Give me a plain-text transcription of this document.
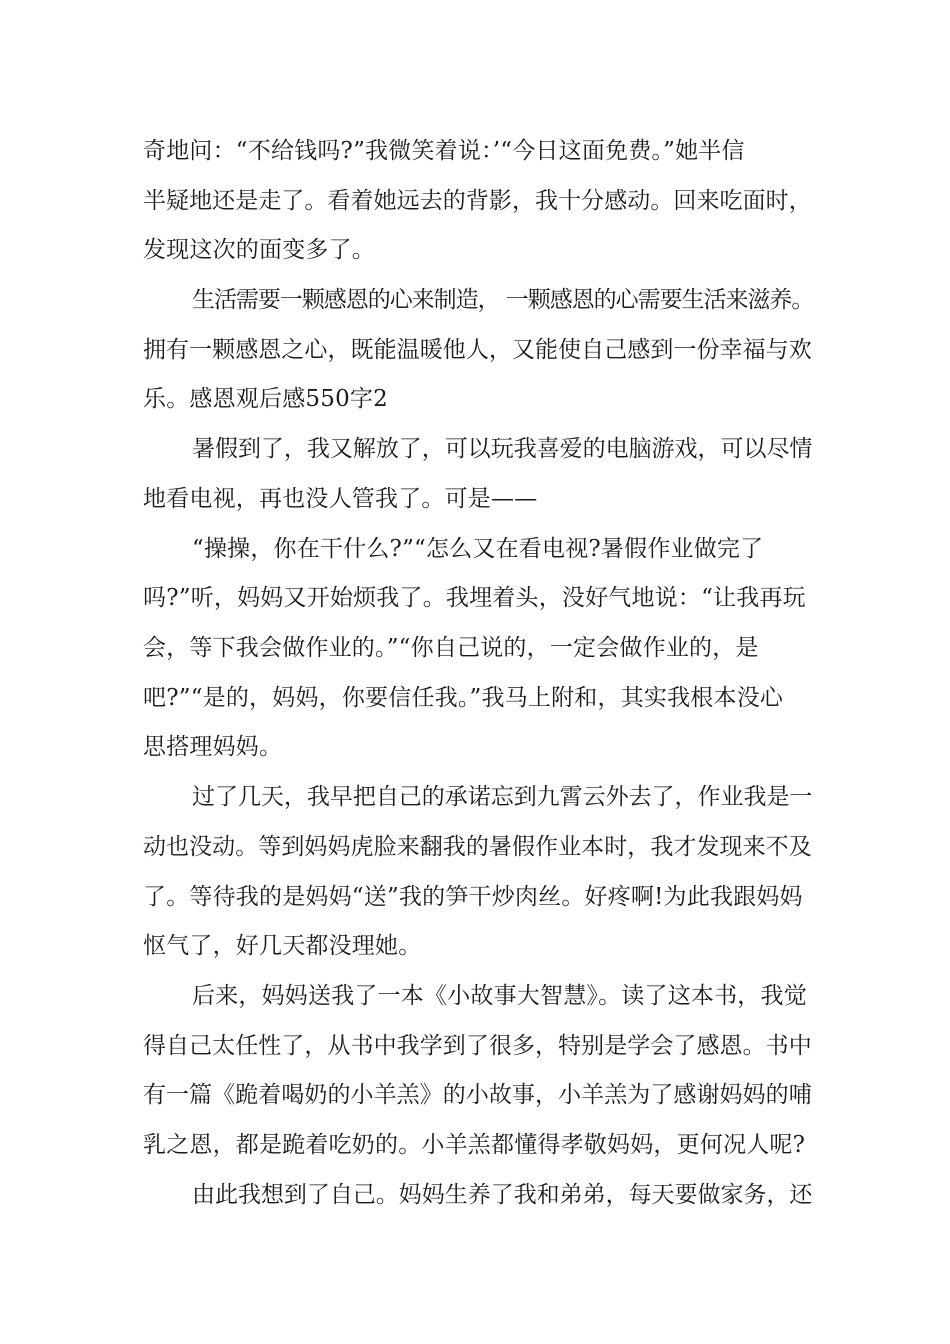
奇地问：“不给钱吗?”我微笑着说：’“今日这面免费。”她半信
半疑地还是走了。看着她远去的背影，我十分感动。回来吃面时，
发现这次的面变多了。
生活需要一颗感恩的心来制造， 一颗感恩的心需要生活来滋养。
拥有一颗感恩之心，既能温暖他人，又能使自己感到一份幸福与欢
乐。感恩观后感550字2
暑假到了，我又解放了，可以玩我喜爱的电脑游戏，可以尽情
地看电视，再也没人管我了。可是——
“操操，你在干什么?”“怎么又在看电视?暑假作业做完了
吗?”听，妈妈又开始烦我了。我埋着头，没好气地说：“让我再玩
会，等下我会做作业的。”“你自己说的，一定会做作业的，是
吧?”“是的，妈妈，你要信任我。”我马上附和，其实我根本没心
思搭理妈妈。
过了几天，我早把自己的承诺忘到九霄云外去了，作业我是一
动也没动。等到妈妈虎脸来翻我的暑假作业本时，我才发现来不及
了。等待我的是妈妈“送”我的笋干炒肉丝。好疼啊!为此我跟妈妈
怄气了，好几天都没理她。
后来，妈妈送我了一本《小故事大智慧》。读了这本书，我觉
得自己太任性了，从书中我学到了很多，特别是学会了感恩。书中
有一篇《跪着喝奶的小羊羔》的小故事，小羊羔为了感谢妈妈的哺
乳之恩，都是跪着吃奶的。小羊羔都懂得孝敬妈妈，更何况人呢?
由此我想到了自己。妈妈生养了我和弟弟，每天要做家务，还
